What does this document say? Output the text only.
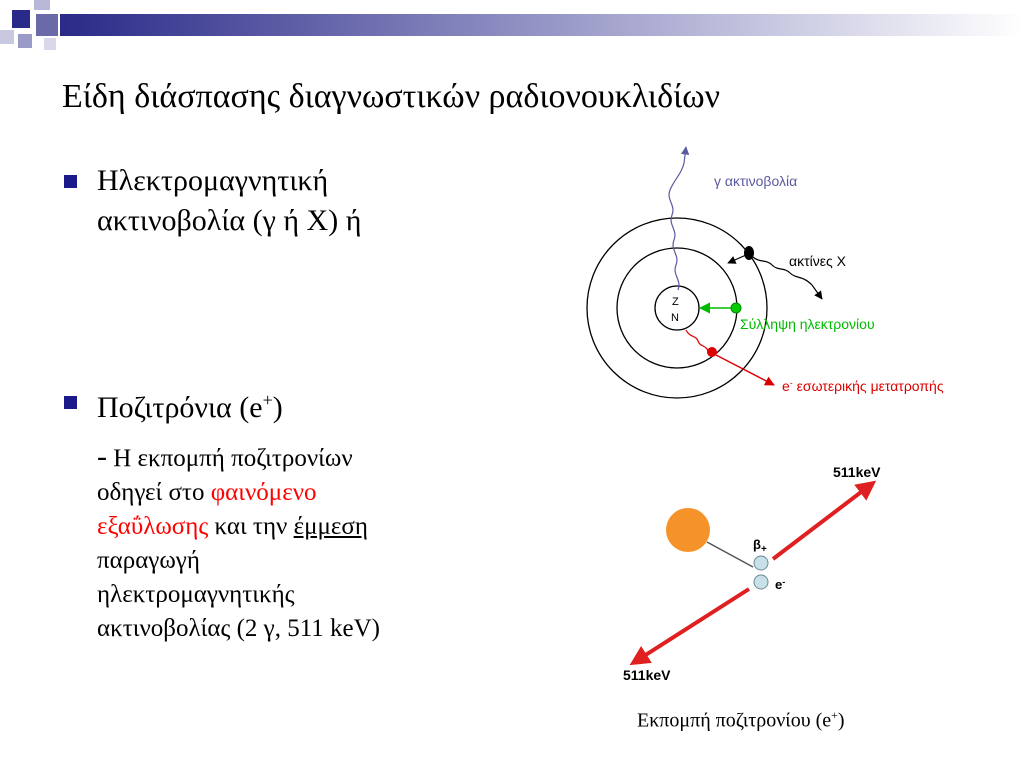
Είδη διάσπασης διαγνωστικών ραδιονουκλιδίων
Ηλεκτρομαγνητική
ακτινοβολία (γ ή X) ή
Ποζιτρόνια (e+)
- Η εκπομπή ποζιτρονίων
οδηγεί στο φαινόμενο
εξαΰλωσης και την έμμεση
παραγωγή
ηλεκτρομαγνητικής
ακτινοβολίας (2 γ, 511 keV)
Z
N
γ ακτινοβολία
ακτίνες X
Σύλληψη ηλεκτρονίου
e- εσωτερικής μετατροπής
511keV
511keV
$\beta_+$
e-
Εκπομπή ποζιτρονίου (e+)
